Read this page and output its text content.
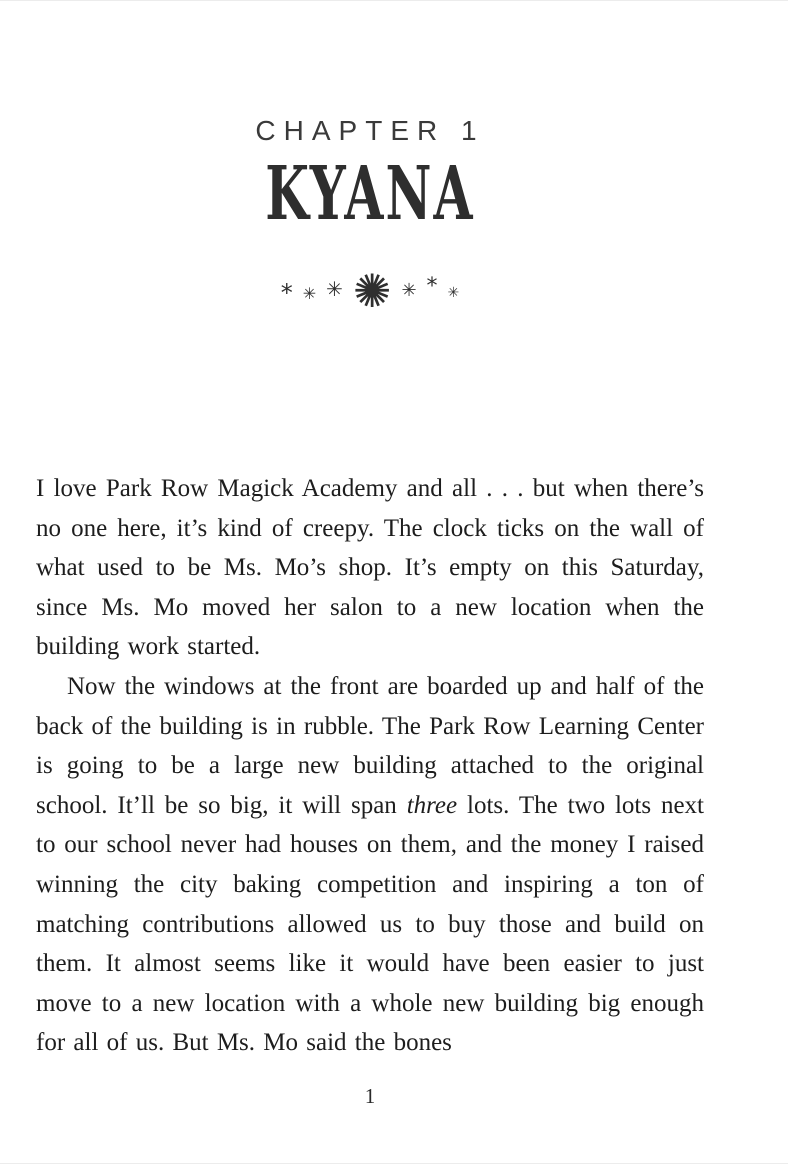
CHAPTER 1
KYANA
* ✳ ✳ ✺ ✳ * ✳

I love Park Row Magick Academy and all . . . but when there’s no one here, it’s kind of creepy. The clock ticks on the wall of what used to be Ms. Mo’s shop. It’s empty on this Saturday, since Ms. Mo moved her salon to a new location when the building work started.

Now the windows at the front are boarded up and half of the back of the building is in rubble. The Park Row Learning Center is going to be a large new building attached to the original school. It’ll be so big, it will span three lots. The two lots next to our school never had houses on them, and the money I raised winning the city baking competition and inspiring a ton of matching contributions allowed us to buy those and build on them. It almost seems like it would have been easier to just move to a new location with a whole new building big enough for all of us. But Ms. Mo said the bones

1
